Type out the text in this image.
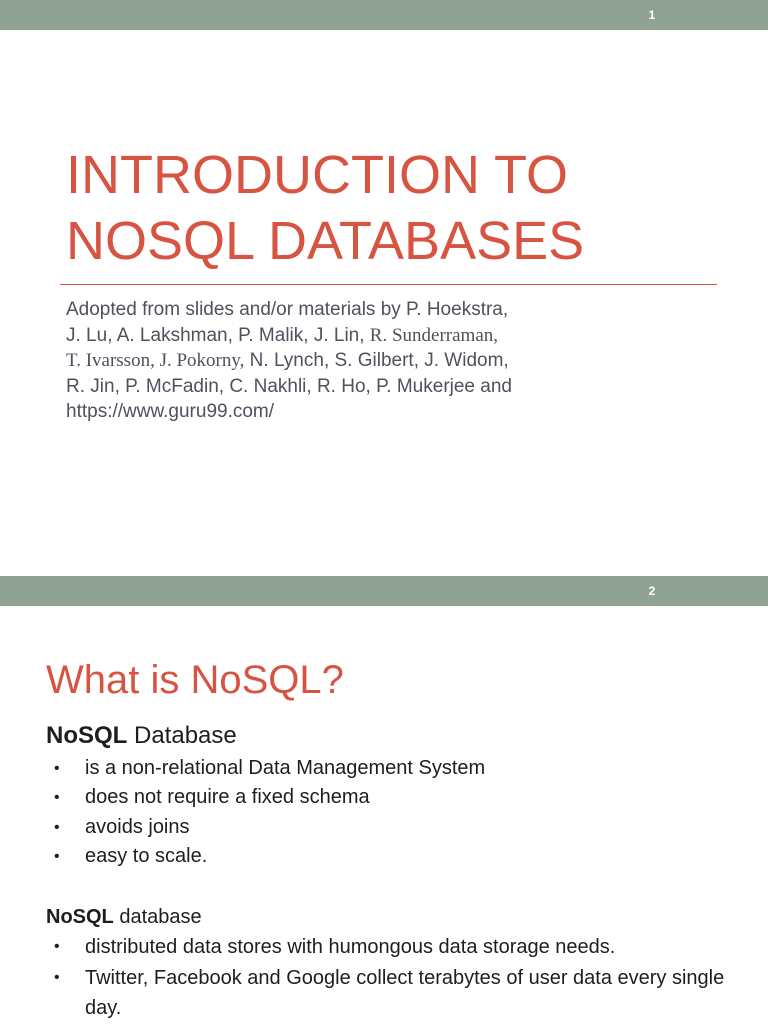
1
INTRODUCTION TO
NOSQL DATABASES
Adopted from slides and/or materials by P. Hoekstra,
J. Lu, A. Lakshman, P. Malik, J. Lin, R. Sunderraman,
T. Ivarsson, J. Pokorny, N. Lynch, S. Gilbert, J. Widom,
R. Jin, P. McFadin, C. Nakhli, R. Ho, P. Mukerjee and
https://www.guru99.com/
2
What is NoSQL?
NoSQL Database
• is a non-relational Data Management System
• does not require a fixed schema
• avoids joins
• easy to scale.
NoSQL database
• distributed data stores with humongous data storage needs.
• Twitter, Facebook and Google collect terabytes of user data every single day.
